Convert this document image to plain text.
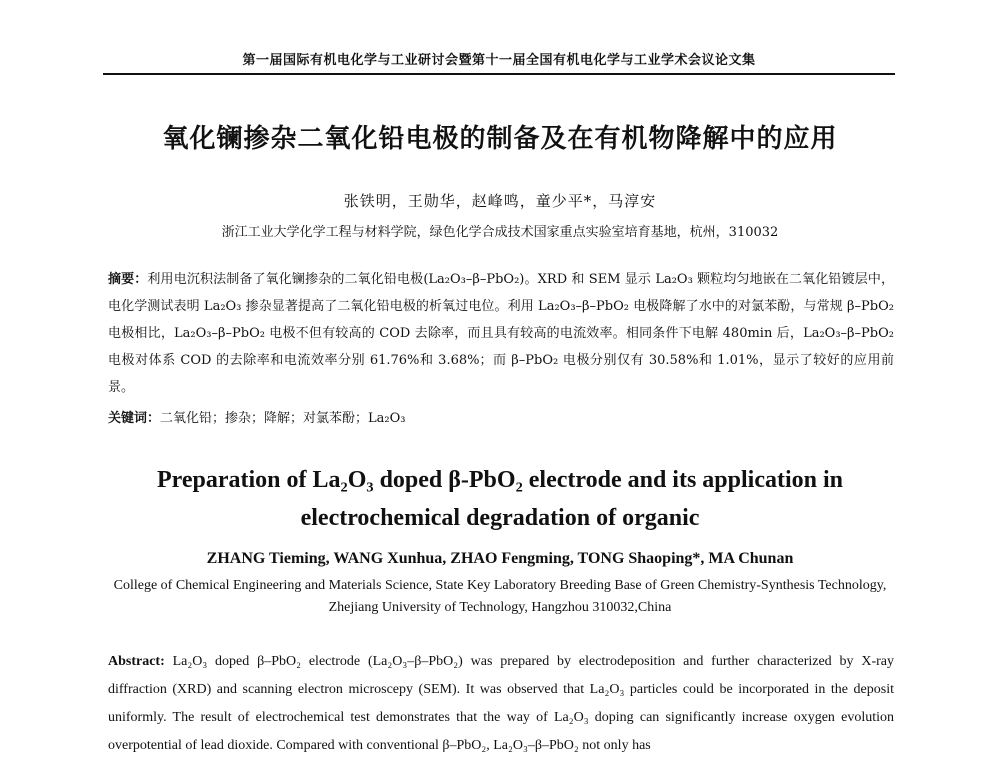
第一届国际有机电化学与工业研讨会暨第十一届全国有机电化学与工业学术会议论文集
氧化镧掺杂二氧化铅电极的制备及在有机物降解中的应用
张铁明，王勋华，赵峰鸣，童少平*，马淳安
浙江工业大学化学工程与材料学院，绿色化学合成技术国家重点实验室培育基地，杭州，310032
摘要：利用电沉积法制备了氧化镧掺杂的二氧化铅电极(La₂O₃–β–PbO₂)。XRD 和 SEM 显示 La₂O₃ 颗粒均匀地嵌在二氧化铅镀层中，电化学测试表明 La₂O₃ 掺杂显著提高了二氧化铅电极的析氧过电位。利用 La₂O₃–β–PbO₂ 电极降解了水中的对氯苯酚，与常规 β–PbO₂ 电极相比，La₂O₃–β–PbO₂ 电极不但有较高的 COD 去除率，而且具有较高的电流效率。相同条件下电解 480min 后，La₂O₃–β–PbO₂ 电极对体系 COD 的去除率和电流效率分别 61.76%和 3.68%；而 β–PbO₂ 电极分别仅有 30.58%和 1.01%，显示了较好的应用前景。
关键词：二氧化铅；掺杂；降解；对氯苯酚；La₂O₃
Preparation of La₂O₃ doped β-PbO₂ electrode and its application in electrochemical degradation of organic
ZHANG Tieming, WANG Xunhua, ZHAO Fengming, TONG Shaoping*, MA Chunan
College of Chemical Engineering and Materials Science, State Key Laboratory Breeding Base of Green Chemistry-Synthesis Technology, Zhejiang University of Technology, Hangzhou 310032,China
Abstract: La₂O₃ doped β–PbO₂ electrode (La₂O₃–β–PbO₂) was prepared by electrodeposition and further characterized by X-ray diffraction (XRD) and scanning electron microscepy (SEM). It was observed that La₂O₃ particles could be incorporated in the deposit uniformly. The result of electrochemical test demonstrates that the way of La₂O₃ doping can significantly increase oxygen evolution overpotential of lead dioxide. Compared with conventional β–PbO₂, La₂O₃–β–PbO₂ not only has
